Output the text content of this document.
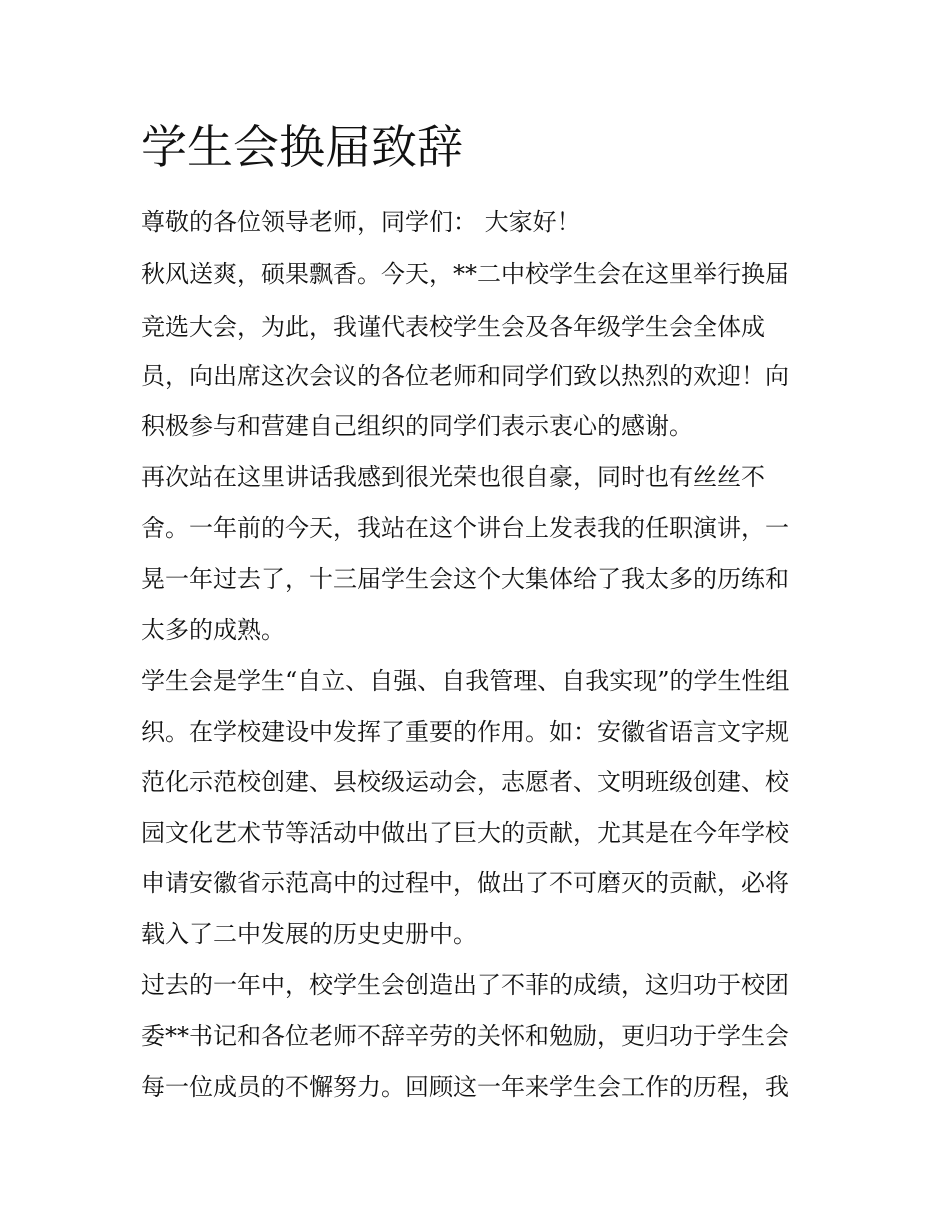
学生会换届致辞

尊敬的各位领导老师，同学们： 大家好！

秋风送爽，硕果飘香。今天，**二中校学生会在这里举行换届

竞选大会，为此，我谨代表校学生会及各年级学生会全体成

员，向出席这次会议的各位老师和同学们致以热烈的欢迎！向

积极参与和营建自己组织的同学们表示衷心的感谢。

再次站在这里讲话我感到很光荣也很自豪，同时也有丝丝不

舍。一年前的今天，我站在这个讲台上发表我的任职演讲，一

晃一年过去了，十三届学生会这个大集体给了我太多的历练和

太多的成熟。

学生会是学生“自立、自强、自我管理、自我实现”的学生性组

织。在学校建设中发挥了重要的作用。如：安徽省语言文字规

范化示范校创建、县校级运动会，志愿者、文明班级创建、校

园文化艺术节等活动中做出了巨大的贡献，尤其是在今年学校

申请安徽省示范高中的过程中，做出了不可磨灭的贡献，必将

载入了二中发展的历史史册中。

过去的一年中，校学生会创造出了不菲的成绩，这归功于校团

委**书记和各位老师不辞辛劳的关怀和勉励，更归功于学生会

每一位成员的不懈努力。回顾这一年来学生会工作的历程，我
